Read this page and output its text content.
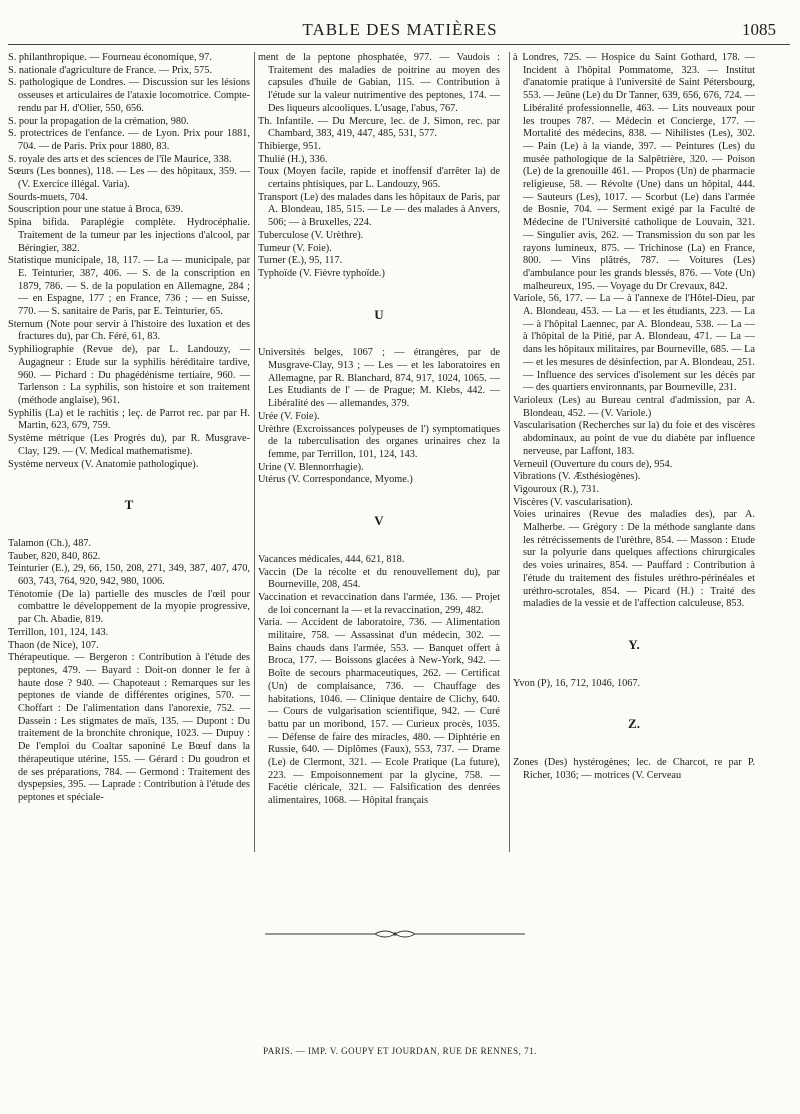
TABLE DES MATIÈRES	1085
S. philanthropique. — Fourneau économique, 97.
S. nationale d'agriculture de France. — Prix, 575.
S. pathologique de Londres. — Discussion sur les lésions osseuses et articulaires de l'ataxie locomotrice. Compte-rendu par H. d'Olier, 550, 656.
S. pour la propagation de la crémation, 980.
S. protectrices de l'enfance. — de Lyon. Prix pour 1881, 704. — de Paris. Prix pour 1880, 83.
S. royale des arts et des sciences de l'île Maurice, 338.
Sœurs (Les bonnes), 118. — Les — des hôpitaux, 359. — (V. Exercice illégal. Varia).
Sourds-muets, 704.
Souscription pour une statue à Broca, 639.
Spina bifida. Paraplégie complète. Hydrocéphalie. Traitement de la tumeur par les injections d'alcool, par Béringier, 382.
Statistique municipale, 18, 117. — La — municipale, par E. Teinturier, 387, 406. — S. de la conscription en 1879, 786. — S. de la population en Allemagne, 284 ; — en Espagne, 177 ; en France, 736 ; — en Suisse, 770. — S. sanitaire de Paris, par E. Teinturier, 65.
Sternum (Note pour servir à l'histoire des luxation et des fractures du), par Ch. Féré, 61, 83.
Syphiliographie (Revue de), par L. Landouzy, — Augagneur : Etude sur la syphilis héréditaire tardive, 960. — Pichard : Du phagédénisme tertiaire, 960. — Tarlenson : La syphilis, son histoire et son traitement (méthode anglaise), 961.
Syphilis (La) et le rachitis ; leç. de Parrot rec. par par H. Martin, 623, 679, 759.
Système métrique (Les Progrès du), par R. Musgrave-Clay, 129. — (V. Medical mathematisme).
Système nerveux (V. Anatomie pathologique).
T
Talamon (Ch.), 487.
Tauber, 820, 840, 862.
Teinturier (E.), 29, 66, 150, 208, 271, 349, 387, 407, 470, 603, 743, 764, 920, 942, 980, 1006.
Ténotomie (De la) partielle des muscles de l'œil pour combattre le développement de la myopie progressive, par Ch. Abadie, 819.
Terrillon, 101, 124, 143.
Thaon (de Nice), 107.
Thérapeutique. — Bergeron : Contribution à l'étude des peptones, 479. — Bayard : Doit-on donner le fer à haute dose ? 940. — Chapoteaut : Remarques sur les peptones de viande de différentes origines, 570. — Choffart : De l'alimentation dans l'anorexie, 752. — Dassein : Les stigmates de maïs, 135. — Dupont : Du traitement de la bronchite chronique, 1023. — Dupuy : De l'emploi du Coaltar saponiné Le Bœuf dans la thérapeutique utérine, 155. — Gérard : Du goudron et de ses préparations, 784. — Germond : Traitement des dyspepsies, 395. — Laprade : Contribution à l'étude des peptones et spéciale-
ment de la peptone phosphatée, 977. — Vaudois : Traitement des maladies de poitrine au moyen des capsules d'huile de Gabian, 115. — Contribution à l'étude sur la valeur nutrimentive des peptones, 174. — Des liqueurs alcooliques. L'usage, l'abus, 767.
Th. Infantile. — Du Mercure, lec. de J. Simon, rec. par Chambard, 383, 419, 447, 485, 531, 577.
Thibierge, 951.
Thulié (H.), 336.
Toux (Moyen facile, rapide et inoffensif d'arrêter la) de certains phtisiques, par L. Landouzy, 965.
Transport (Le) des malades dans les hôpitaux de Paris, par A. Blondeau, 185, 515. — Le — des malades à Anvers, 506; — à Bruxelles, 224.
Tuberculose (V. Urèthre).
Tumeur (V. Foie).
Turner (E.), 95, 117.
Typhoïde (V. Fièvre typhoïde.)
U
Universités belges, 1067 ; — étrangères, par de Musgrave-Clay, 913 ; — Les — et les laboratoires en Allemagne, par R. Blanchard, 874, 917, 1024, 1065. — Les Etudiants de l' — de Prague; M. Klebs, 442. — Libéralité des — allemandes, 379.
Urée (V. Foie).
Urèthre (Excroissances polypeuses de l') symptomatiques de la tuberculisation des organes urinaires chez la femme, par Terrillon, 101, 124, 143.
Urine (V. Blennorrhagie).
Utérus (V. Correspondance, Myome.)
V
Vacances médicales, 444, 621, 818.
Vaccin (De la récolte et du renouvellement du), par Bourneville, 208, 454.
Vaccination et revaccination dans l'armée, 136. — Projet de loi concernant la — et la revaccination, 299, 482.
Varia. — Accident de laboratoire, 736. — Alimentation militaire, 758. — Assassinat d'un médecin, 302. — Bains chauds dans l'armée, 553. — Banquet offert à Broca, 177. — Boissons glacées à New-York, 942. — Boîte de secours pharmaceutiques, 262. — Certificat (Un) de complaisance, 736. — Chauffage des habitations, 1046. — Clinique dentaire de Clichy, 640. — Cours de vulgarisation scientifique, 942. — Curé battu par un moribond, 157. — Curieux procès, 1035. — Défense de faire des miracles, 480. — Diphtérie en Russie, 640. — Diplômes (Faux), 553, 737. — Drame (Le) de Clermont, 321. — Ecole Pratique (La future), 223. — Empoisonnement par la glycine, 758. — Facétie cléricale, 321. — Falsification des denrées alimentaires, 1068. — Hôpital français
à Londres, 725. — Hospice du Saint Gothard, 178. — Incident à l'hôpital Pommatome, 323. — Institut d'anatomie pratique à l'université de Saint Pétersbourg, 553. — Jeûne (Le) du Dr Tanner, 639, 656, 676, 724. — Libéralité professionnelle, 463. — Lits nouveaux pour les troupes 787. — Médecin et Concierge, 177. — Mortalité des médecins, 838. — Nihilistes (Les), 302. — Pain (Le) à la viande, 397. — Peintures (Les) du musée pathologique de la Salpêtrière, 320. — Poison (Le) de la grenouille 461. — Propos (Un) de pharmacie religieuse, 58. — Révolte (Une) dans un hôpital, 444. — Sauteurs (Les), 1017. — Scorbut (Le) dans l'armée de Bosnie, 704. — Serment exigé par la Faculté de Médecine de l'Université catholique de Louvain, 321. — Singulier avis, 262. — Transmission du son par les rayons lumineux, 875. — Trichinose (La) en France, 800. — Vins plâtrés, 787. — Voitures (Les) d'ambulance pour les grands blessés, 876. — Vote (Un) malheureux, 195. — Voyage du Dr Crevaux, 842.
Variole, 56, 177. — La — à l'annexe de l'Hôtel-Dieu, par A. Blondeau, 453. — La — et les étudiants, 223. — La — à l'hôpital Laennec, par A. Blondeau, 538. — La — à l'hôpital de la Pitié, par A. Blondeau, 471. — La — dans les hôpitaux militaires, par Bourneville, 685. — La — et les mesures de désinfection, par A. Blondeau, 251. — Influence des services d'isolement sur les décès par — des quartiers environnants, par Bourneville, 231.
Varioleux (Les) au Bureau central d'admission, par A. Blondeau, 452. — (V. Variole.)
Vascularisation (Recherches sur la) du foie et des viscères abdominaux, au point de vue du diabète par influence nerveuse, par Laffont, 183.
Verneuil (Ouverture du cours de), 954.
Vibrations (V. Æsthésiogènes).
Vigouroux (R.), 731.
Viscères (V. vascularisation).
Voies urinaires (Revue des maladies des), par A. Malherbe. — Grégory : De la méthode sanglante dans les rétrécissements de l'urèthre, 854. — Masson : Etude sur la polyurie dans quelques affections chirurgicales des voies urinaires, 854. — Pauffard : Contribution à l'étude du traitement des fistules uréthro-périnéales et uréthro-scrotales, 854. — Picard (H.) : Traité des maladies de la vessie et de l'affection calculeuse, 853.
Y.
Yvon (P), 16, 712, 1046, 1067.
Z.
Zones (Des) hystérogènes; lec. de Charcot, re par P. Richer, 1036; — motrices (V. Cerveau
PARIS. — IMP. V. GOUPY ET JOURDAN, RUE DE RENNES, 71.
